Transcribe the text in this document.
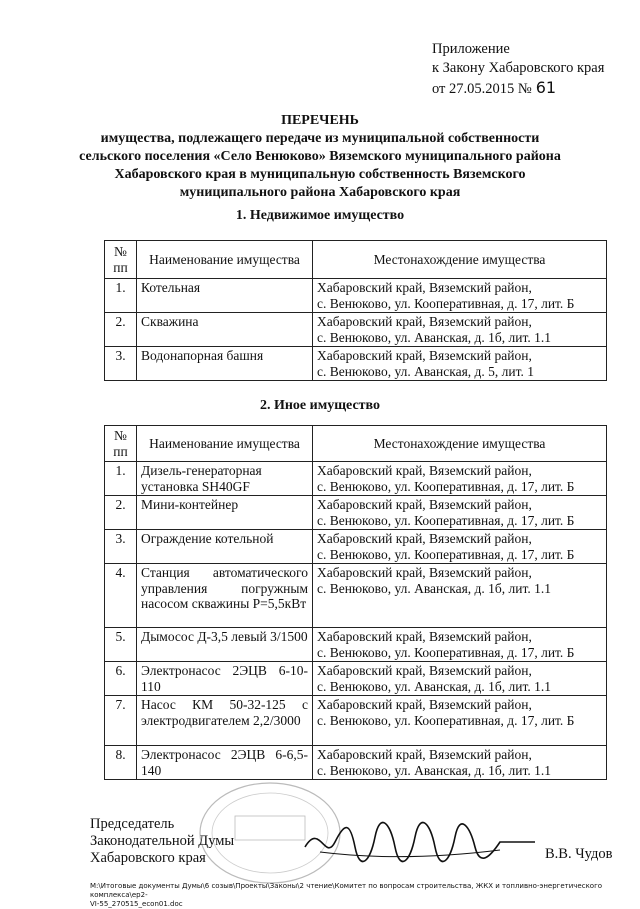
Приложение
к Закону Хабаровского края
от 27.05.2015 № 61
ПЕРЕЧЕНЬ
имущества, подлежащего передаче из муниципальной собственности
сельского поселения «Село Венюково» Вяземского муниципального района
Хабаровского края в муниципальную собственность Вяземского
муниципального района Хабаровского края
1. Недвижимое имущество
№ пп	Наименование имущества	Местонахождение имущества
1.	Котельная	Хабаровский край, Вяземский район,
с. Венюково, ул. Кооперативная, д. 17, лит. Б

2.	Скважина	Хабаровский край, Вяземский район,
с. Венюково, ул. Аванская, д. 1б, лит. 1.1

3.	Водонапорная башня	Хабаровский край, Вяземский район,
с. Венюково, ул. Аванская, д. 5, лит. 1
2. Иное имущество
№ пп	Наименование имущества	Местонахождение имущества
1.	Дизель-генераторная установка SH40GF	Хабаровский край, Вяземский район,
с. Венюково, ул. Кооперативная, д. 17, лит. Б

2.	Мини-контейнер	Хабаровский край, Вяземский район,
с. Венюково, ул. Кооперативная, д. 17, лит. Б

3.	Ограждение котельной	Хабаровский край, Вяземский район,
с. Венюково, ул. Кооперативная, д. 17, лит. Б

4.	Станция автоматического управления погружным насосом скважины Р=5,5кВт	Хабаровский край, Вяземский район,
с. Венюково, ул. Аванская, д. 1б, лит. 1.1

5.	Дымосос Д-3,5 левый 3/1500	Хабаровский край, Вяземский район,
с. Венюково, ул. Кооперативная, д. 17, лит. Б

6.	Электронасос 2ЭЦВ 6-10-110	Хабаровский край, Вяземский район,
с. Венюково, ул. Аванская, д. 1б, лит. 1.1

7.	Насос КМ 50-32-125 с электродвигателем 2,2/3000	Хабаровский край, Вяземский район,
с. Венюково, ул. Кооперативная, д. 17, лит. Б

8.	Электронасос 2ЭЦВ 6-6,5-140	Хабаровский край, Вяземский район,
с. Венюково, ул. Аванская, д. 1б, лит. 1.1
Председатель
Законодательной Думы
Хабаровского края	В.В. Чудов
M:\Итоговые документы Думы\6 созыв\Проекты\Законы\2 чтение\Комитет по вопросам строительства, ЖКХ и топливно-энергетического комплекса\ep2-
VI-55_270515_econ01.doc
